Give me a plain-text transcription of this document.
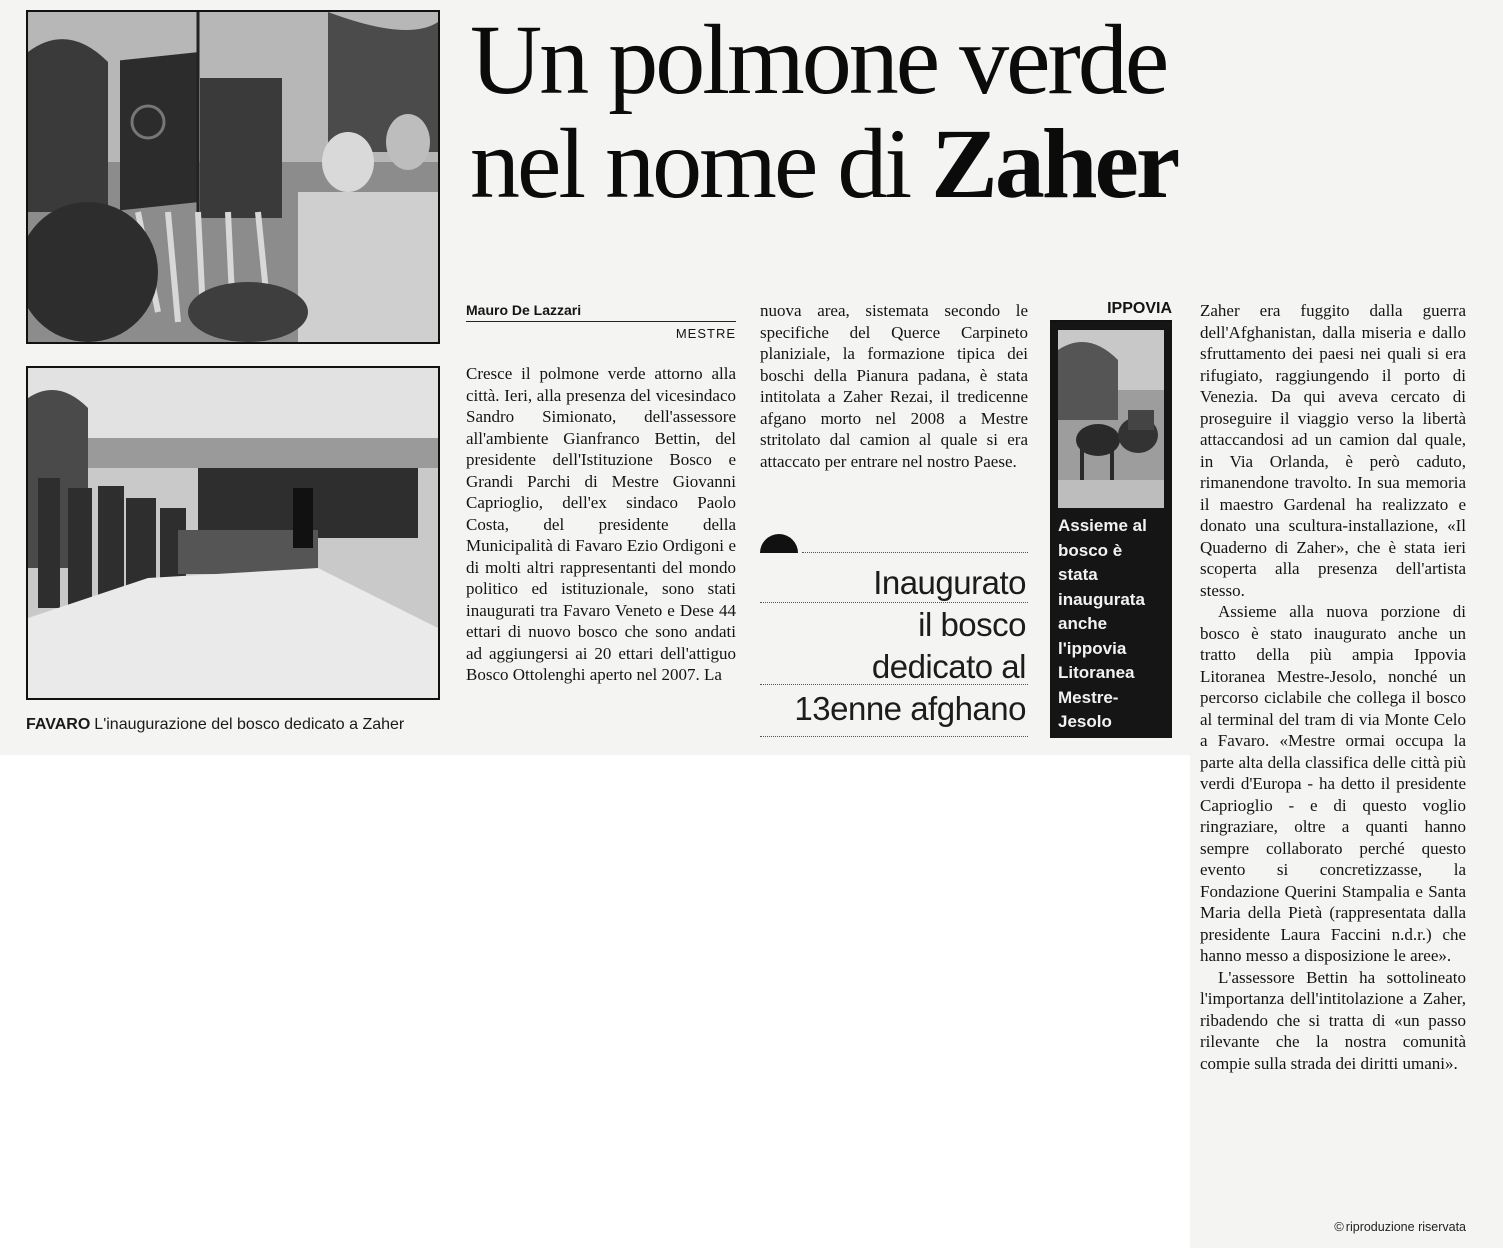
FAVARO L'inaugurazione del bosco dedicato a Zaher
Un polmone verde
nel nome di Zaher
Mauro De Lazzari
MESTRE

Cresce il polmone verde attorno alla città. Ieri, alla presenza del vicesindaco Sandro Simionato, dell'assessore all'ambiente Gianfranco Bettin, del presidente dell'Istituzione Bosco e Grandi Parchi di Mestre Giovanni Caprioglio, dell'ex sindaco Paolo Costa, del presidente della Municipalità di Favaro Ezio Ordigoni e di molti altri rappresentanti del mondo politico ed istituzionale, sono stati inaugurati tra Favaro Veneto e Dese 44 ettari di nuovo bosco che sono andati ad aggiungersi ai 20 ettari dell'attiguo Bosco Ottolenghi aperto nel 2007. La

nuova area, sistemata secondo le specifiche del Querce Carpineto planiziale, la formazione tipica dei boschi della Pianura padana, è stata intitolata a Zaher Rezai, il tredicenne afgano morto nel 2008 a Mestre stritolato dal camion al quale si era attaccato per entrare nel nostro Paese.

Inaugurato
il bosco
dedicato al
13enne afghano
IPPOVIA
Assieme al
bosco è
stata
inaugurata
anche
l'ippovia
Litoranea
Mestre-
Jesolo

Zaher era fuggito dalla guerra dell'Afghanistan, dalla miseria e dallo sfruttamento dei paesi nei quali si era rifugiato, raggiungendo il porto di Venezia. Da qui aveva cercato di proseguire il viaggio verso la libertà attaccandosi ad un camion dal quale, in Via Orlanda, è però caduto, rimanendone travolto. In sua memoria il maestro Gardenal ha realizzato e donato una scultura-installazione, «Il Quaderno di Zaher», che è stata ieri scoperta alla presenza dell'artista stesso.

Assieme alla nuova porzione di bosco è stato inaugurato anche un tratto della più ampia Ippovia Litoranea Mestre-Jesolo, nonché un percorso ciclabile che collega il bosco al terminal del tram di via Monte Celo a Favaro. «Mestre ormai occupa la parte alta della classifica delle città più verdi d'Europa - ha detto il presidente Caprioglio - e di questo voglio ringraziare, oltre a quanti hanno sempre collaborato perché questo evento si concretizzasse, la Fondazione Querini Stampalia e Santa Maria della Pietà (rappresentata dalla presidente Laura Faccini n.d.r.) che hanno messo a disposizione le aree».

L'assessore Bettin ha sottolineato l'importanza dell'intitolazione a Zaher, ribadendo che si tratta di «un passo rilevante che la nostra comunità compie sulla strada dei diritti umani».

© riproduzione riservata
